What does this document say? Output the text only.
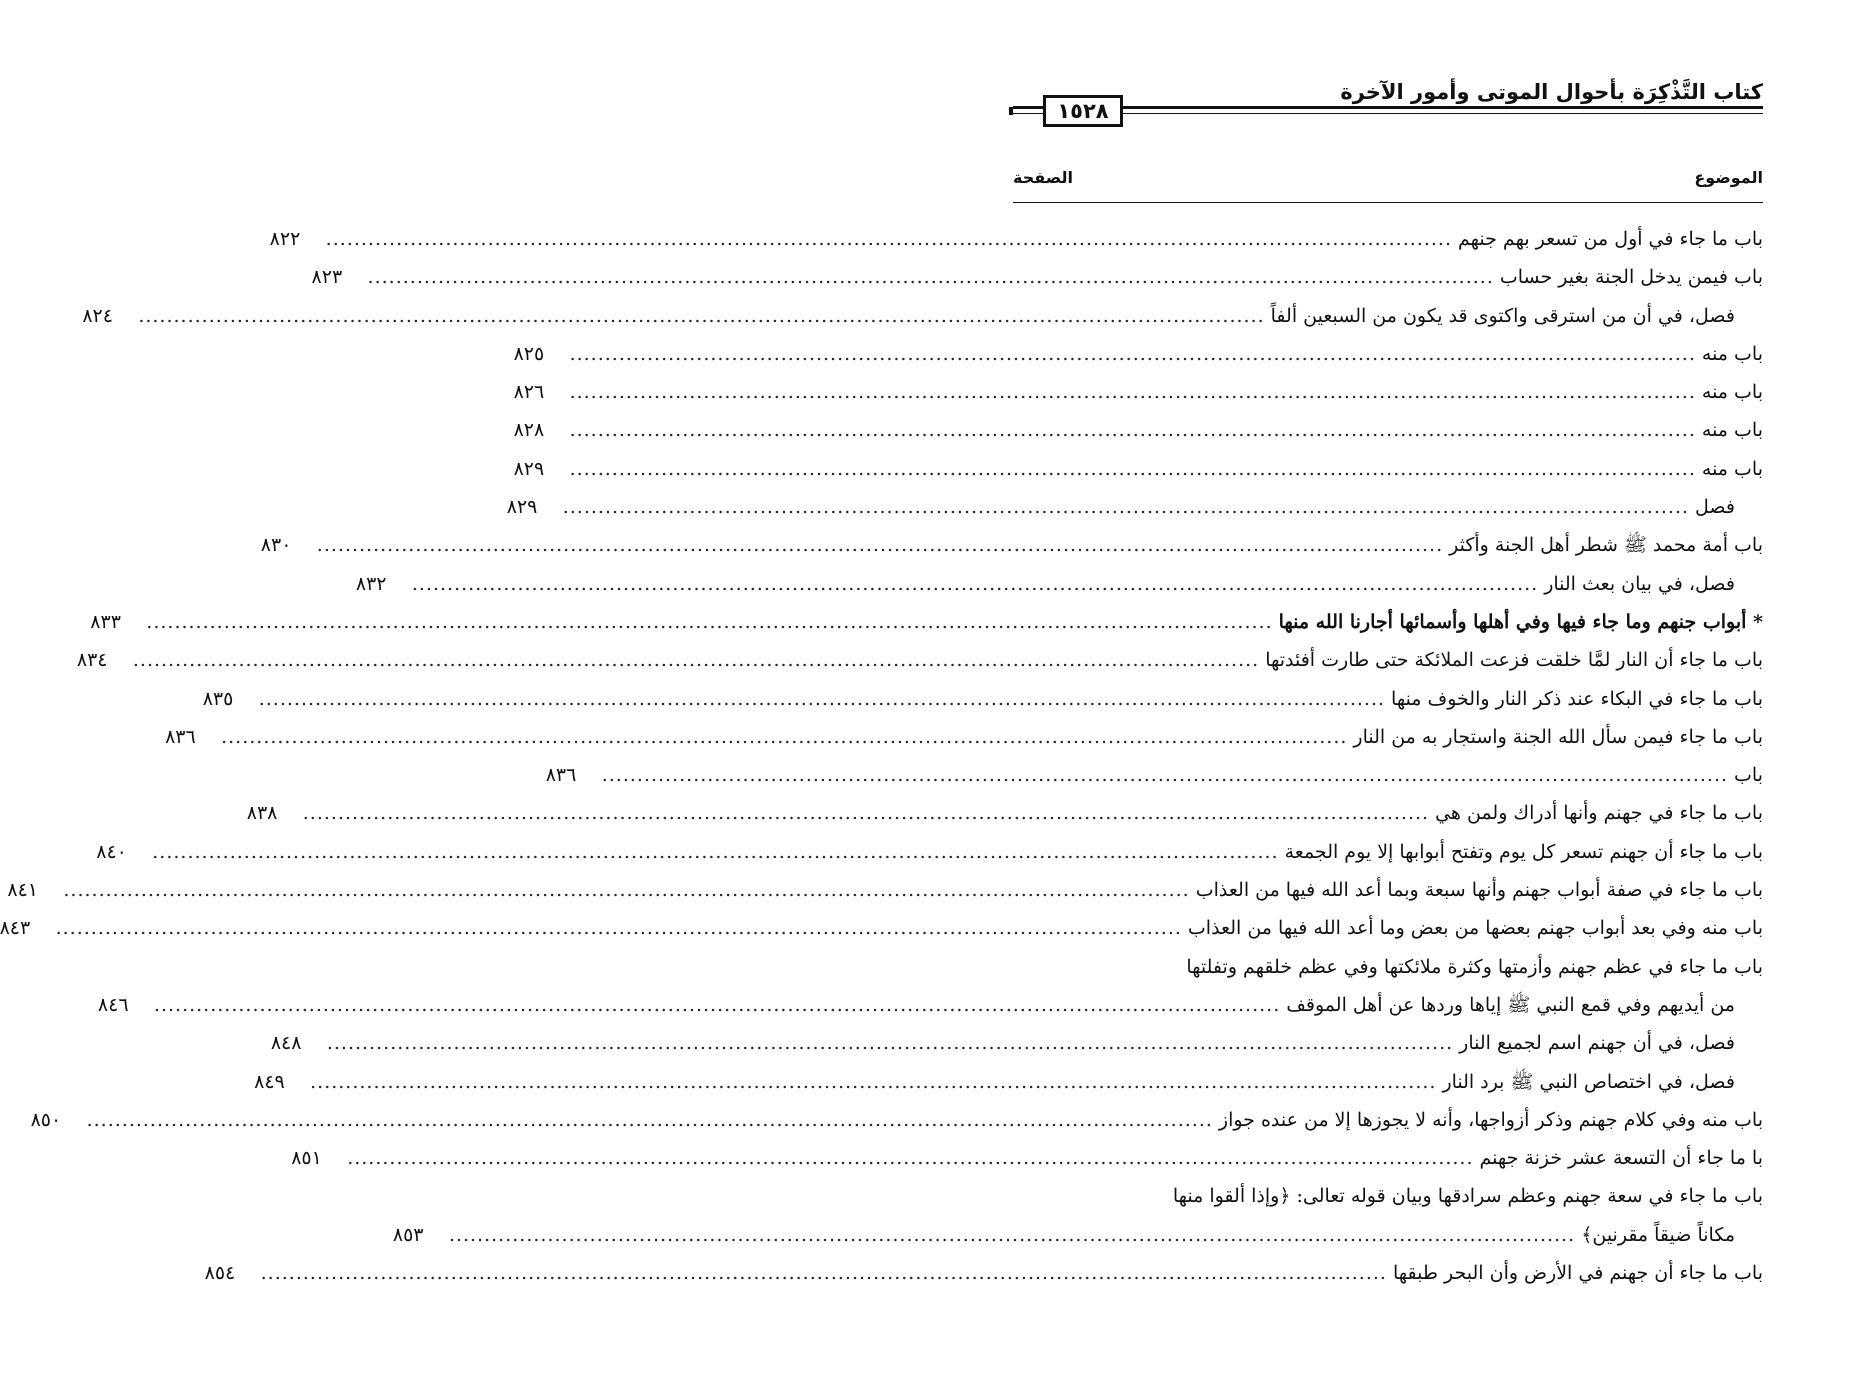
كتاب التَّذْكِرَة بأحوال الموتى وأمور الآخرة
١٥٢٨
الموضوع
الصفحة
باب ما جاء في أول من تسعر بهم جنهم
................................................................................................................................................................
٨٢٢
باب فيمن يدخل الجنة بغير حساب
................................................................................................................................................................
٨٢٣
فصل، في أن من استرقى واكتوى قد يكون من السبعين ألفاً
................................................................................................................................................................
٨٢٤
باب منه
................................................................................................................................................................
٨٢٥
باب منه
................................................................................................................................................................
٨٢٦
باب منه
................................................................................................................................................................
٨٢٨
باب منه
................................................................................................................................................................
٨٢٩
فصل
................................................................................................................................................................
٨٢٩
باب أمة محمد ﷺ شطر أهل الجنة وأكثر
................................................................................................................................................................
٨٣٠
فصل، في بيان بعث النار
................................................................................................................................................................
٨٣٢
* أبواب جنهم وما جاء فيها وفي أهلها وأسمائها أجارنا الله منها
................................................................................................................................................................
٨٣٣
باب ما جاء أن النار لمَّا خلقت فزعت الملائكة حتى طارت أفئدتها
................................................................................................................................................................
٨٣٤
باب ما جاء في البكاء عند ذكر النار والخوف منها
................................................................................................................................................................
٨٣٥
باب ما جاء فيمن سأل الله الجنة واستجار به من النار
................................................................................................................................................................
٨٣٦
باب
................................................................................................................................................................
٨٣٦
باب ما جاء في جهنم وأنها أدراك ولمن هي
................................................................................................................................................................
٨٣٨
باب ما جاء أن جهنم تسعر كل يوم وتفتح أبوابها إلا يوم الجمعة
................................................................................................................................................................
٨٤٠
باب ما جاء في صفة أبواب جهنم وأنها سبعة وبما أعد الله فيها من العذاب
................................................................................................................................................................
٨٤١
باب منه وفي بعد أبواب جهنم بعضها من بعض وما أعد الله فيها من العذاب
................................................................................................................................................................
٨٤٣
باب ما جاء في عظم جهنم وأزمتها وكثرة ملائكتها وفي عظم خلقهم وتفلتها
من أيديهم وفي قمع النبي ﷺ إياها وردها عن أهل الموقف
................................................................................................................................................................
٨٤٦
فصل، في أن جهنم اسم لجميع النار
................................................................................................................................................................
٨٤٨
فصل، في اختصاص النبي ﷺ برد النار
................................................................................................................................................................
٨٤٩
باب منه وفي كلام جهنم وذكر أزواجها، وأنه لا يجوزها إلا من عنده جواز
................................................................................................................................................................
٨٥٠
با ما جاء أن التسعة عشر خزنة جهنم
................................................................................................................................................................
٨٥١
باب ما جاء في سعة جهنم وعظم سرادقها وبيان قوله تعالى: ﴿وإذا ألقوا منها
مكاناً ضيقاً مقرنين﴾
................................................................................................................................................................
٨٥٣
باب ما جاء أن جهنم في الأرض وأن البحر طبقها
................................................................................................................................................................
٨٥٤
